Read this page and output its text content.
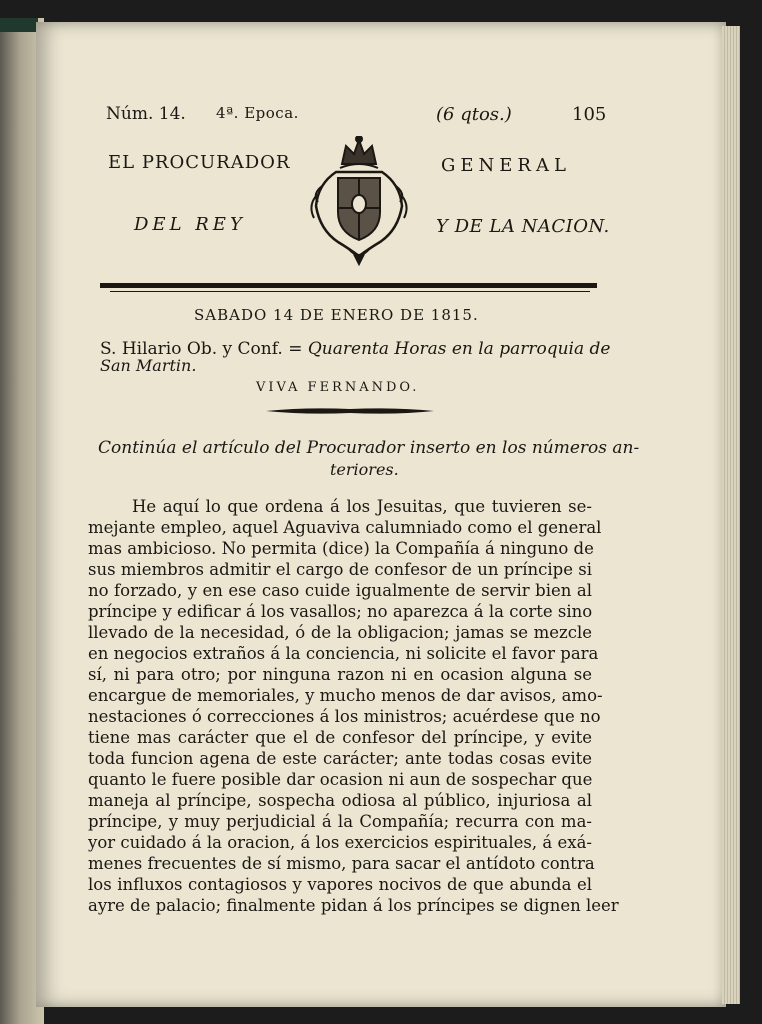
Núm. 14. 4ª. Epoca.	(6 qtos.)	105
EL PROCURADOR	GENERAL
DEL REY	Y DE LA NACION.
SABADO 14 DE ENERO DE 1815.
S. Hilario Ob. y Conf. = Quarenta Horas en la parroquia de
San Martin.
VIVA FERNANDO.
Continúa el artículo del Procurador inserto en los números an-
teriores.
He aquí lo que ordena á los Jesuitas, que tuvieren se-
mejante empleo, aquel Aguaviva calumniado como el general
mas ambicioso. No permita (dice) la Compañía á ninguno de
sus miembros admitir el cargo de confesor de un príncipe si
no forzado, y en ese caso cuide igualmente de servir bien al
príncipe y edificar á los vasallos; no aparezca á la corte sino
llevado de la necesidad, ó de la obligacion; jamas se mezcle
en negocios extraños á la conciencia, ni solicite el favor para
sí, ni para otro; por ninguna razon ni en ocasion alguna se
encargue de memoriales, y mucho menos de dar avisos, amo-
nestaciones ó correcciones á los ministros; acuérdese que no
tiene mas carácter que el de confesor del príncipe, y evite
toda funcion agena de este carácter; ante todas cosas evite
quanto le fuere posible dar ocasion ni aun de sospechar que
maneja al príncipe, sospecha odiosa al público, injuriosa al
príncipe, y muy perjudicial á la Compañía; recurra con ma-
yor cuidado á la oracion, á los exercicios espirituales, á exá-
menes frecuentes de sí mismo, para sacar el antídoto contra
los influxos contagiosos y vapores nocivos de que abunda el
ayre de palacio; finalmente pidan á los príncipes se dignen leer
